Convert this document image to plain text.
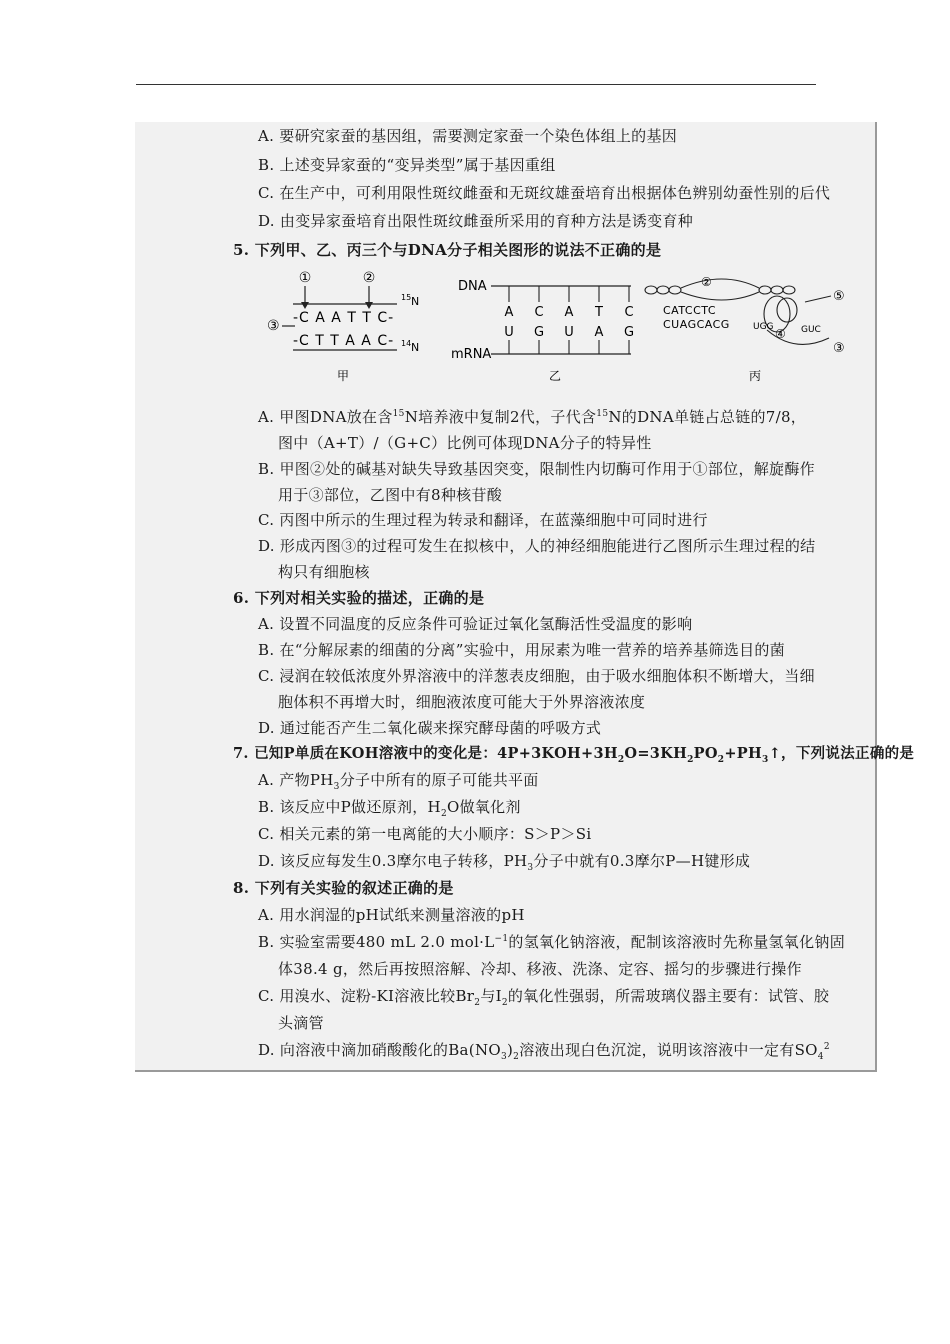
A. 要研究家蚕的基因组，需要测定家蚕一个染色体组上的基因
B. 上述变异家蚕的“变异类型”属于基因重组
C. 在生产中，可利用限性斑纹雌蚕和无斑纹雄蚕培育出根据体色辨别幼蚕性别的后代
D. 由变异家蚕培育出限性斑纹雌蚕所采用的育种方法是诱变育种
5. 下列甲、乙、丙三个与DNA分子相关图形的说法不正确的是
①	②
-C A A T T C-
-C T T A A C-
③
15 N
14 N
甲
DNA
mRNA
A
U
C
G
A
U
T
A
C
G
乙
②
CATCCTC
CUAGCACG	UGG	GUC
④
⑤
③
丙
A. 甲图DNA放在含$^{15}$N培养液中复制2代，子代含$^{15}$N的DNA单链占总链的7/8，
图中（A+T）/（G+C）比例可体现DNA分子的特异性
B. 甲图②处的碱基对缺失导致基因突变，限制性内切酶可作用于①部位，解旋酶作
用于③部位，乙图中有8种核苷酸
C. 丙图中所示的生理过程为转录和翻译，在蓝藻细胞中可同时进行
D. 形成丙图③的过程可发生在拟核中，人的神经细胞能进行乙图所示生理过程的结
构只有细胞核
6. 下列对相关实验的描述，正确的是
A. 设置不同温度的反应条件可验证过氧化氢酶活性受温度的影响
B. 在“分解尿素的细菌的分离”实验中，用尿素为唯一营养的培养基筛选目的菌
C. 浸润在较低浓度外界溶液中的洋葱表皮细胞，由于吸水细胞体积不断增大，当细
胞体积不再增大时，细胞液浓度可能大于外界溶液浓度
D. 通过能否产生二氧化碳来探究酵母菌的呼吸方式
7. 已知P单质在KOH溶液中的变化是：$4P+3KOH+3H_2O=3KH_2PO_2+PH_3↑$，下列说法正确的是
A. 产物$PH_3$分子中所有的原子可能共平面
B. 该反应中P做还原剂，$H_2O$做氧化剂
C. 相关元素的第一电离能的大小顺序：S＞P＞Si
D. 该反应每发生0.3摩尔电子转移，$PH_3$分子中就有0.3摩尔P—H键形成
8. 下列有关实验的叙述正确的是
A. 用水润湿的pH试纸来测量溶液的pH
B. 实验室需要480 mL 2.0 $mol\cdot L^{-1}$的氢氧化钠溶液，配制该溶液时先称量氢氧化钠固
体38.4 g，然后再按照溶解、冷却、移液、洗涤、定容、摇匀的步骤进行操作
C. 用溴水、淀粉-KI溶液比较$Br_2$与$I_2$的氧化性强弱，所需玻璃仪器主要有：试管、胶
头滴管
D. 向溶液中滴加硝酸酸化的$Ba(NO_3)_2$溶液出现白色沉淀，说明该溶液中一定有$SO_4^2$
